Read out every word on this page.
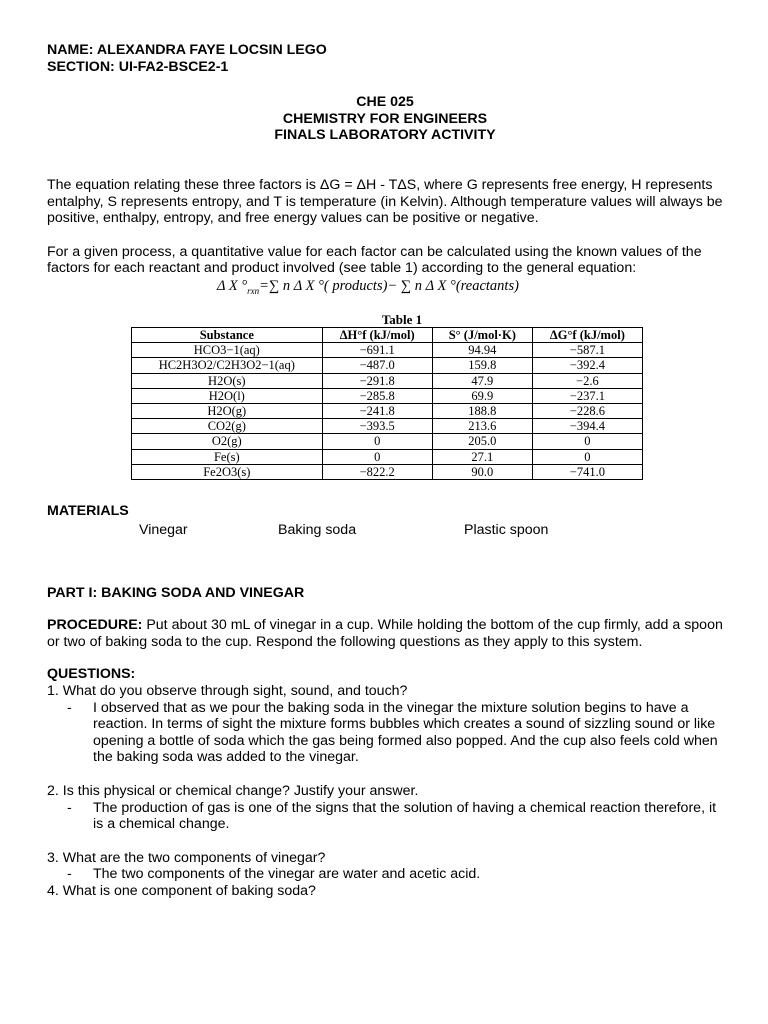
NAME: ALEXANDRA FAYE LOCSIN LEGO
SECTION: UI-FA2-BSCE2-1
CHE 025
CHEMISTRY FOR ENGINEERS
FINALS LABORATORY ACTIVITY

The equation relating these three factors is ΔG = ΔH - TΔS, where G represents free energy, H represents entalphy, S represents entropy, and T is temperature (in Kelvin). Although temperature values will always be positive, enthalpy, entropy, and free energy values can be positive or negative.

For a given process, a quantitative value for each factor can be calculated using the known values of the factors for each reactant and product involved (see table 1) according to the general equation:

Δ X $^\circ_{rxn}=\sum$ n Δ X °( products)− ∑ n Δ X °(reactants)
Table 1
Substance	ΔH°f (kJ/mol)	S° (J/mol·K)	ΔG°f (kJ/mol)
HCO3−1(aq)	−691.1	94.94	−587.1
HC2H3O2/C2H3O2−1(aq)	−487.0	159.8	−392.4
H2O(s)	−291.8	47.9	−2.6
H2O(l)	−285.8	69.9	−237.1
H2O(g)	−241.8	188.8	−228.6
CO2(g)	−393.5	213.6	−394.4
O2(g)	0	205.0	0
Fe(s)	0	27.1	0
Fe2O3(s)	−822.2	90.0	−741.0
MATERIALS
Vinegar	Baking soda	Plastic spoon
PART I: BAKING SODA AND VINEGAR

PROCEDURE: Put about 30 mL of vinegar in a cup. While holding the bottom of the cup firmly, add a spoon or two of baking soda to the cup. Respond the following questions as they apply to this system.

QUESTIONS:

1. What do you observe through sight, sound, and touch?

- I observed that as we pour the baking soda in the vinegar the mixture solution begins to have a reaction. In terms of sight the mixture forms bubbles which creates a sound of sizzling sound or like opening a bottle of soda which the gas being formed also popped. And the cup also feels cold when the baking soda was added to the vinegar.

2. Is this physical or chemical change? Justify your answer.

- The production of gas is one of the signs that the solution of having a chemical reaction therefore, it is a chemical change.

3. What are the two components of vinegar?

- The two components of the vinegar are water and acetic acid.

4. What is one component of baking soda?
